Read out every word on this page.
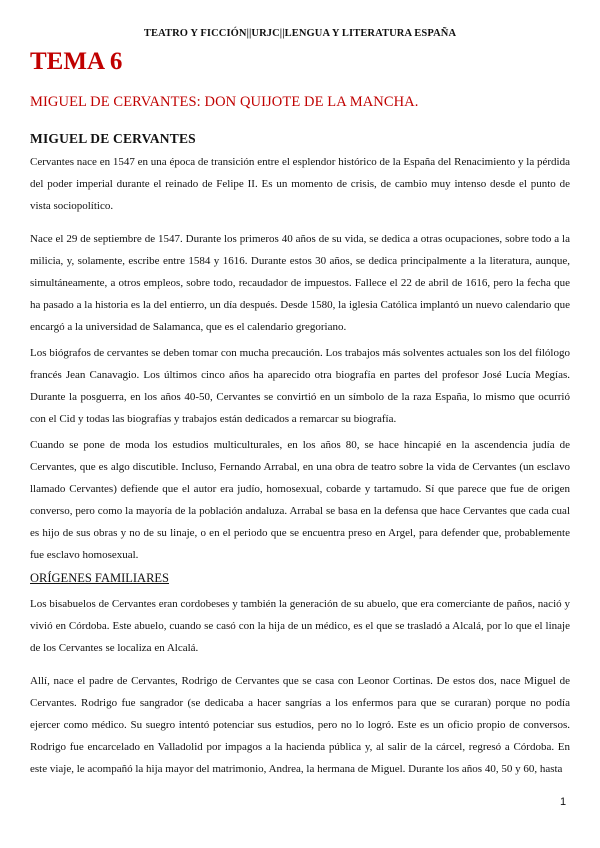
TEATRO Y FICCIÓN||URJC||LENGUA Y LITERATURA ESPAÑA
TEMA 6
MIGUEL DE CERVANTES: DON QUIJOTE DE LA MANCHA.
MIGUEL DE CERVANTES

Cervantes nace en 1547 en una época de transición entre el esplendor histórico de la España del Renacimiento y la pérdida del poder imperial durante el reinado de Felipe II. Es un momento de crisis, de cambio muy intenso desde el punto de vista sociopolítico.

Nace el 29 de septiembre de 1547. Durante los primeros 40 años de su vida, se dedica a otras ocupaciones, sobre todo a la milicia, y, solamente, escribe entre 1584 y 1616. Durante estos 30 años, se dedica principalmente a la literatura, aunque, simultáneamente, a otros empleos, sobre todo, recaudador de impuestos. Fallece el 22 de abril de 1616, pero la fecha que ha pasado a la historia es la del entierro, un día después. Desde 1580, la iglesia Católica implantó un nuevo calendario que encargó a la universidad de Salamanca, que es el calendario gregoriano.

Los biógrafos de cervantes se deben tomar con mucha precaución. Los trabajos más solventes actuales son los del filólogo francés Jean Canavagio. Los últimos cinco años ha aparecido otra biografía en partes del profesor José Lucía Megías. Durante la posguerra, en los años 40-50, Cervantes se convirtió en un símbolo de la raza España, lo mismo que ocurrió con el Cid y todas las biografías y trabajos están dedicados a remarcar su biografía.

Cuando se pone de moda los estudios multiculturales, en los años 80, se hace hincapié en la ascendencia judía de Cervantes, que es algo discutible. Incluso, Fernando Arrabal, en una obra de teatro sobre la vida de Cervantes (un esclavo llamado Cervantes) defiende que el autor era judío, homosexual, cobarde y tartamudo. Sí que parece que fue de origen converso, pero como la mayoría de la población andaluza. Arrabal se basa en la defensa que hace Cervantes que cada cual es hijo de sus obras y no de su linaje, o en el periodo que se encuentra preso en Argel, para defender que, probablemente fue esclavo homosexual.

ORÍGENES FAMILIARES

Los bisabuelos de Cervantes eran cordobeses y también la generación de su abuelo, que era comerciante de paños, nació y vivió en Córdoba. Este abuelo, cuando se casó con la hija de un médico, es el que se trasladó a Alcalá, por lo que el linaje de los Cervantes se localiza en Alcalá.

Allí, nace el padre de Cervantes, Rodrigo de Cervantes que se casa con Leonor Cortinas. De estos dos, nace Miguel de Cervantes. Rodrigo fue sangrador (se dedicaba a hacer sangrías a los enfermos para que se curaran) porque no podía ejercer como médico. Su suegro intentó potenciar sus estudios, pero no lo logró. Este es un oficio propio de conversos. Rodrigo fue encarcelado en Valladolid por impagos a la hacienda pública y, al salir de la cárcel, regresó a Córdoba. En este viaje, le acompañó la hija mayor del matrimonio, Andrea, la hermana de Miguel. Durante los años 40, 50 y 60, hasta

1
